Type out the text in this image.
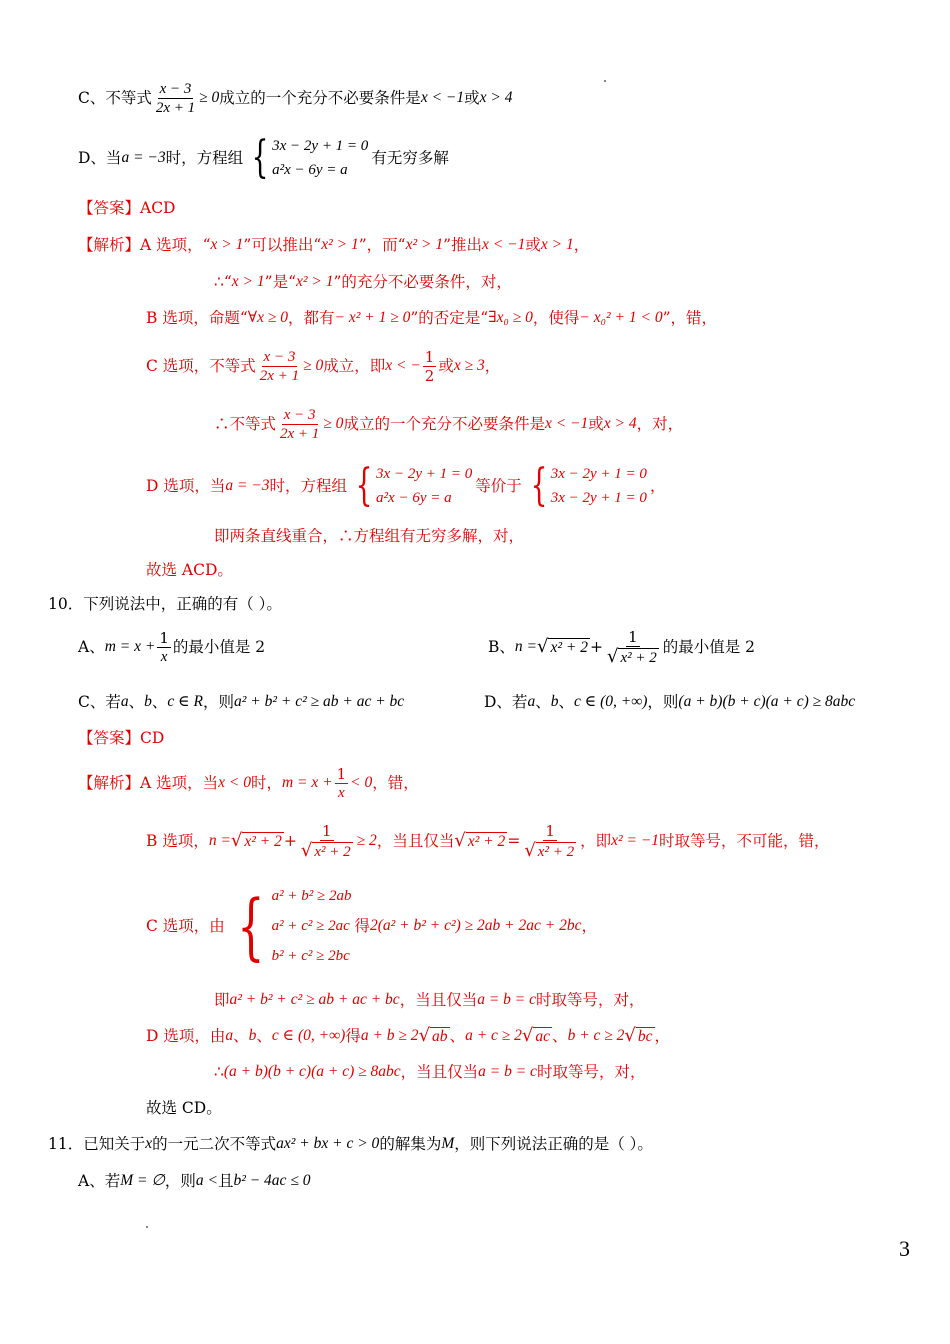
C、不等式 $\frac{x - 3}{2x + 1} \ge 0$ 成立的一个充分不必要条件是 x < −1 或 x > 4
D、当 a = −3 时，方程组 { 3x − 2y + 1 = 0
a²x − 6y = a
有无穷多解
【答案】ACD
【解析】A 选项，“ x > 1 ”可以推出“ x² > 1 ”，而“ x² > 1 ”推出 x < −1 或 x > 1 ，
∴“ x > 1 ”是“ x² > 1 ”的充分不必要条件，对，
B 选项，命题“ ∀x ≥ 0 ，都有 − x² + 1 ≥ 0 ”的否定是“ ∃x₀ ≥ 0 ，使得 − x₀² + 1 < 0 ”，错，
C 选项，不等式 $\frac{x - 3}{2x + 1} \ge 0$ 成立，即 x < − $\frac{1}{2}$ 或 x ≥ 3 ，
∴不等式 $\frac{x - 3}{2x + 1} \ge 0$ 成立的一个充分不必要条件是 x < −1 或 x > 4 ，对，
D 选项，当 a = −3 时，方程组 { 3x − 2y + 1 = 0
a²x − 6y = a
等价于 { 3x − 2y + 1 = 0
3x − 2y + 1 = 0
，
即两条直线重合，∴方程组有无穷多解，对，
故选 ACD。
10．下列说法中，正确的有（ ）。
A、 $m = x + \frac{1}{x}$ 的最小值是 2	B、 n = √ $x^2 + 2 + \frac{1}{\text{√ x² + 2}}$ 的最小值是 2
C、若 a 、 b 、 c ∈ R ，则 a² + b² + c² ≥ ab + ac + bc	D、若 a 、 b 、 c ∈ (0, +∞) ，则 (a + b)(b + c)(a + c) ≥ 8abc
【答案】CD
【解析】A 选项，当 x < 0 时， $m = x + \frac{1}{x} < 0$ ，错，
B 选项， n = √ $x^2 + 2 + \frac{1}{\text{√ x² + 2}} \ge 2$ ，当且仅当 √ $x^2 + 2 = \frac{1}{\text{√ x² + 2}}$ ，即 x² = −1 时取等号，不可能，错，
C 选项，由 { a² + b² ≥ 2ab
a² + c² ≥ 2ac
b² + c² ≥ 2bc
得 2(a² + b² + c²) ≥ 2ab + 2ac + 2bc ，
即 a² + b² + c² ≥ ab + ac + bc ，当且仅当 a = b = c 时取等号，对，
D 选项，由 a 、 b 、 c ∈ (0, +∞) 得 a + b ≥ 2 √ ab 、 a + c ≥ 2 √ ac 、 b + c ≥ 2 √ bc ，
∴ (a + b)(b + c)(a + c) ≥ 8abc ，当且仅当 a = b = c 时取等号，对，
故选 CD。
11．已知关于 x 的一元二次不等式 ax² + bx + c > 0 的解集为 M ，则下列说法正确的是（ ）。
A、若 M = ∅ ，则 a < 且 b² − 4ac ≤ 0
3
